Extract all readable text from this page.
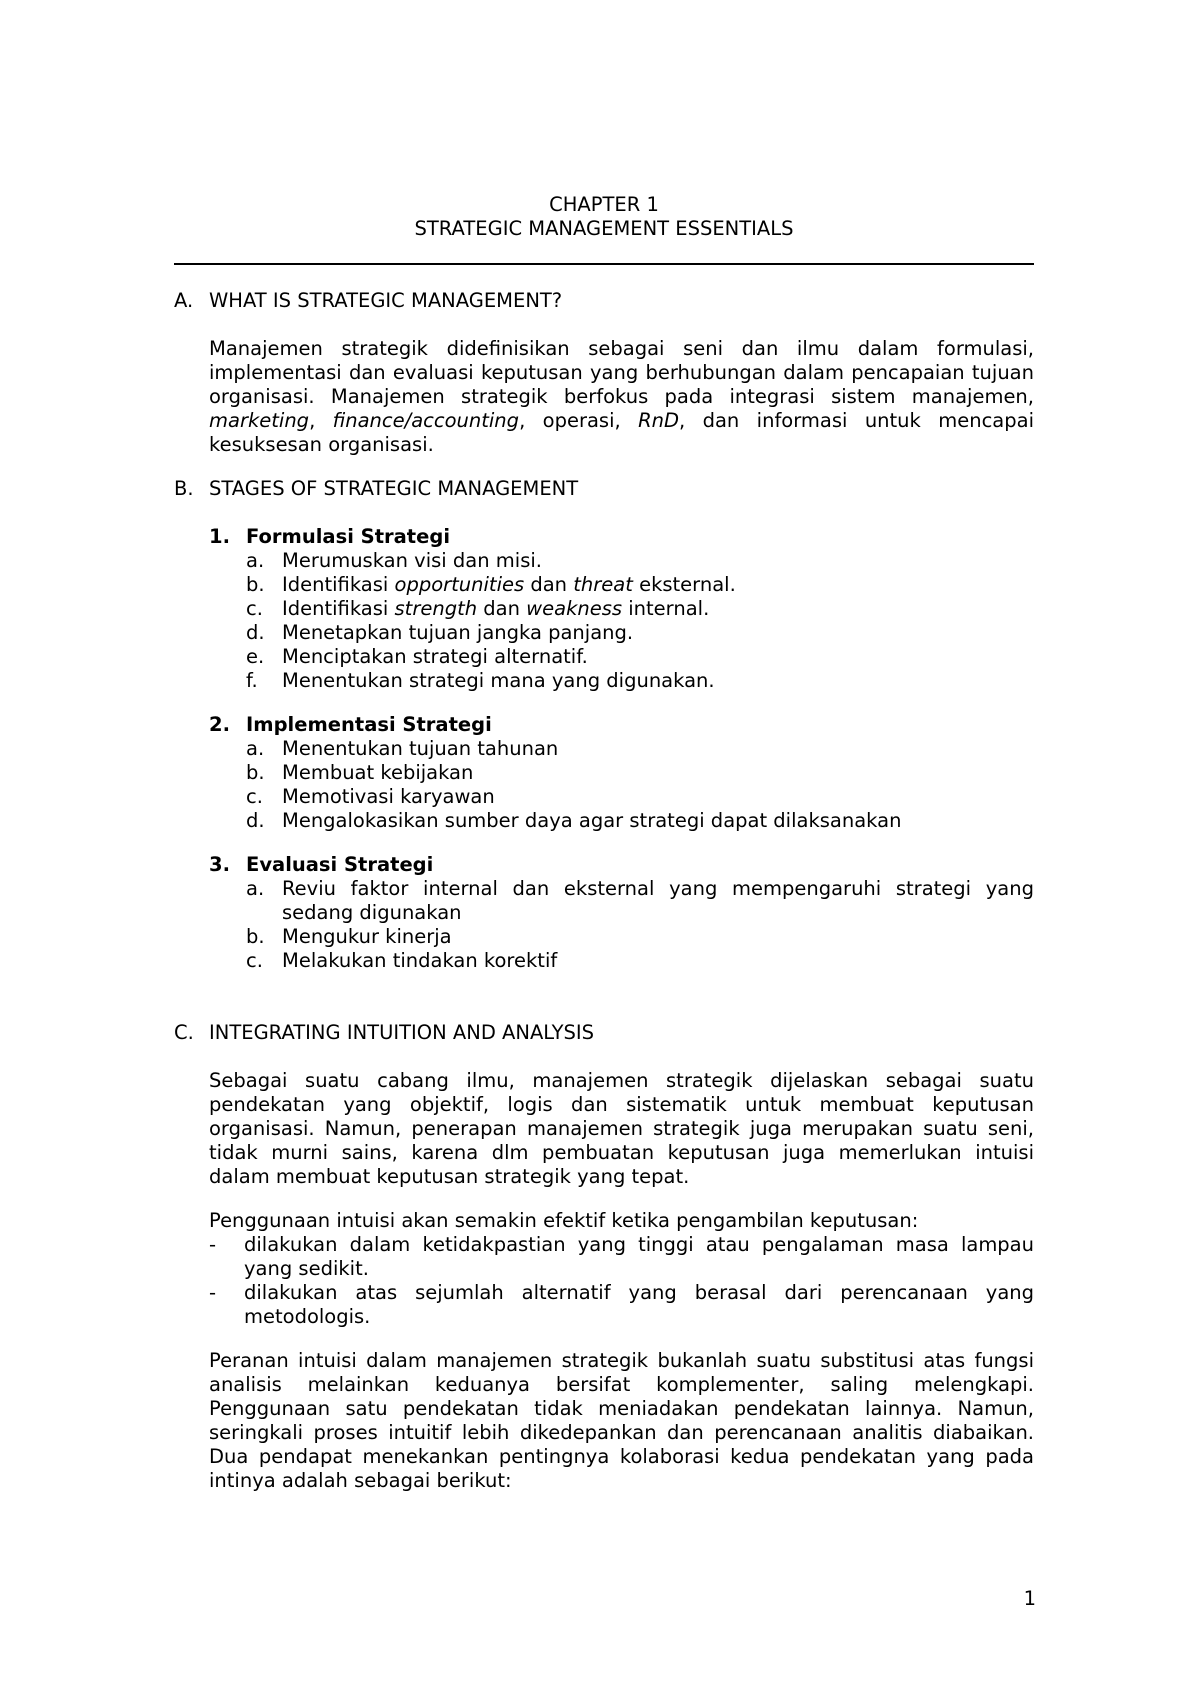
CHAPTER 1
STRATEGIC MANAGEMENT ESSENTIALS
A. WHAT IS STRATEGIC MANAGEMENT?
Manajemen strategik didefinisikan sebagai seni dan ilmu dalam formulasi, implementasi dan evaluasi keputusan yang berhubungan dalam pencapaian tujuan organisasi. Manajemen strategik berfokus pada integrasi sistem manajemen, marketing, finance/accounting, operasi, RnD, dan informasi untuk mencapai kesuksesan organisasi.
B. STAGES OF STRATEGIC MANAGEMENT
1. Formulasi Strategi
a. Merumuskan visi dan misi.
b. Identifikasi opportunities dan threat eksternal.
c. Identifikasi strength dan weakness internal.
d. Menetapkan tujuan jangka panjang.
e. Menciptakan strategi alternatif.
f.	Menentukan strategi mana yang digunakan.
2. Implementasi Strategi
a. Menentukan tujuan tahunan
b. Membuat kebijakan
c. Memotivasi karyawan
d. Mengalokasikan sumber daya agar strategi dapat dilaksanakan
3. Evaluasi Strategi
a. Reviu faktor internal dan eksternal yang mempengaruhi strategi yang sedang digunakan
b. Mengukur kinerja
c. Melakukan tindakan korektif
C. INTEGRATING INTUITION AND ANALYSIS
Sebagai suatu cabang ilmu, manajemen strategik dijelaskan sebagai suatu pendekatan yang objektif, logis dan sistematik untuk membuat keputusan organisasi. Namun, penerapan manajemen strategik juga merupakan suatu seni, tidak murni sains, karena dlm pembuatan keputusan juga memerlukan intuisi dalam membuat keputusan strategik yang tepat.
Penggunaan intuisi akan semakin efektif ketika pengambilan keputusan:
-	dilakukan dalam ketidakpastian yang tinggi atau pengalaman masa lampau yang sedikit.
-	dilakukan atas sejumlah alternatif yang berasal dari perencanaan yang metodologis.
Peranan intuisi dalam manajemen strategik bukanlah suatu substitusi atas fungsi analisis melainkan keduanya bersifat komplementer, saling melengkapi. Penggunaan satu pendekatan tidak meniadakan pendekatan lainnya. Namun, seringkali proses intuitif lebih dikedepankan dan perencanaan analitis diabaikan. Dua pendapat menekankan pentingnya kolaborasi kedua pendekatan yang pada intinya adalah sebagai berikut:
1
